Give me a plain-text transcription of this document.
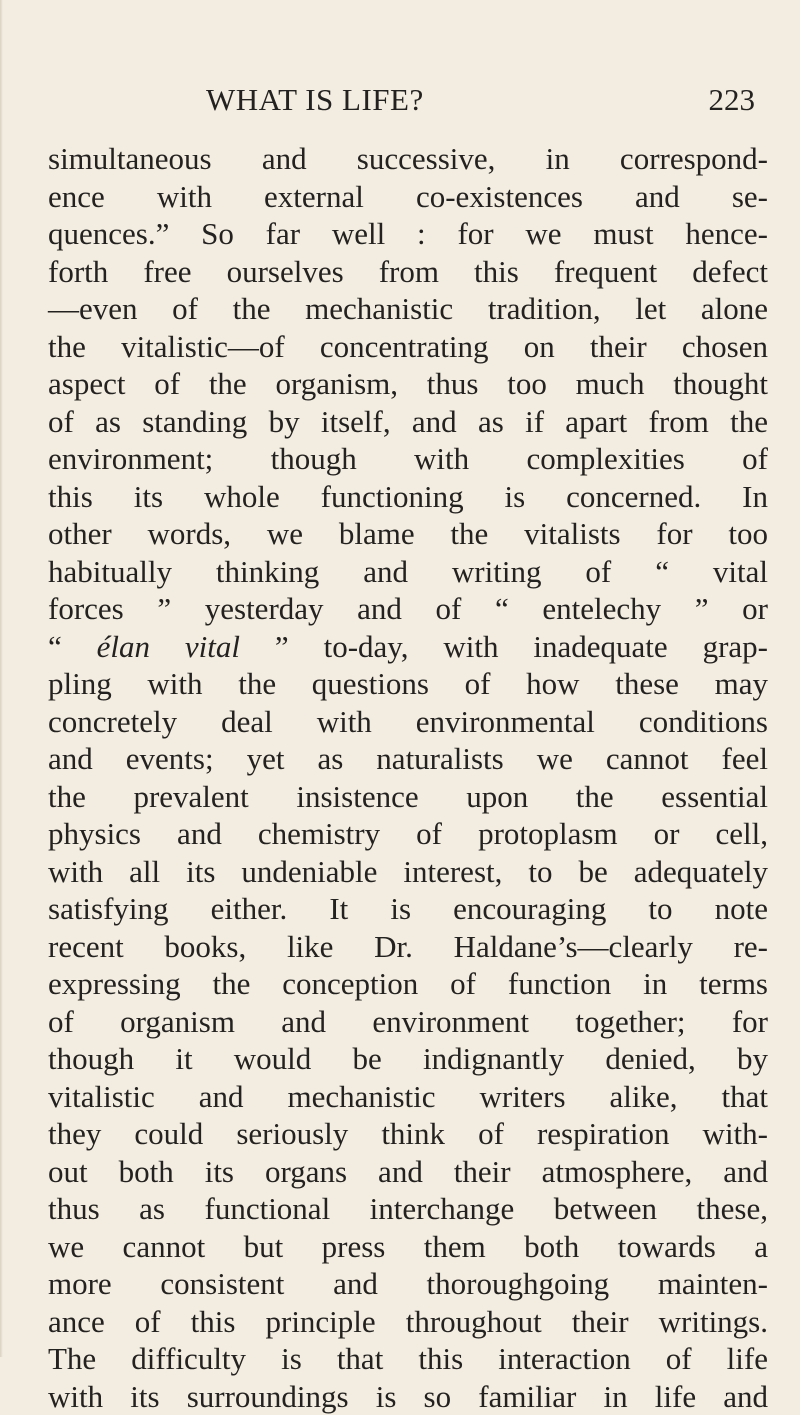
WHAT IS LIFE?	223
simultaneous and successive, in correspond-
ence with external co-existences and se-
quences.” So far well : for we must hence-
forth free ourselves from this frequent defect
—even of the mechanistic tradition, let alone
the vitalistic—of concentrating on their chosen
aspect of the organism, thus too much thought
of as standing by itself, and as if apart from the
environment; though with complexities of
this its whole functioning is concerned. In
other words, we blame the vitalists for too
habitually thinking and writing of “ vital
forces ” yesterday and of “ entelechy ” or
“ élan vital ” to-day, with inadequate grap-
pling with the questions of how these may
concretely deal with environmental conditions
and events; yet as naturalists we cannot feel
the prevalent insistence upon the essential
physics and chemistry of protoplasm or cell,
with all its undeniable interest, to be adequately
satisfying either. It is encouraging to note
recent books, like Dr. Haldane’s—clearly re-
expressing the conception of function in terms
of organism and environment together; for
though it would be indignantly denied, by
vitalistic and mechanistic writers alike, that
they could seriously think of respiration with-
out both its organs and their atmosphere, and
thus as functional interchange between these,
we cannot but press them both towards a
more consistent and thoroughgoing mainten-
ance of this principle throughout their writings.
The difficulty is that this interaction of life
with its surroundings is so familiar in life and
